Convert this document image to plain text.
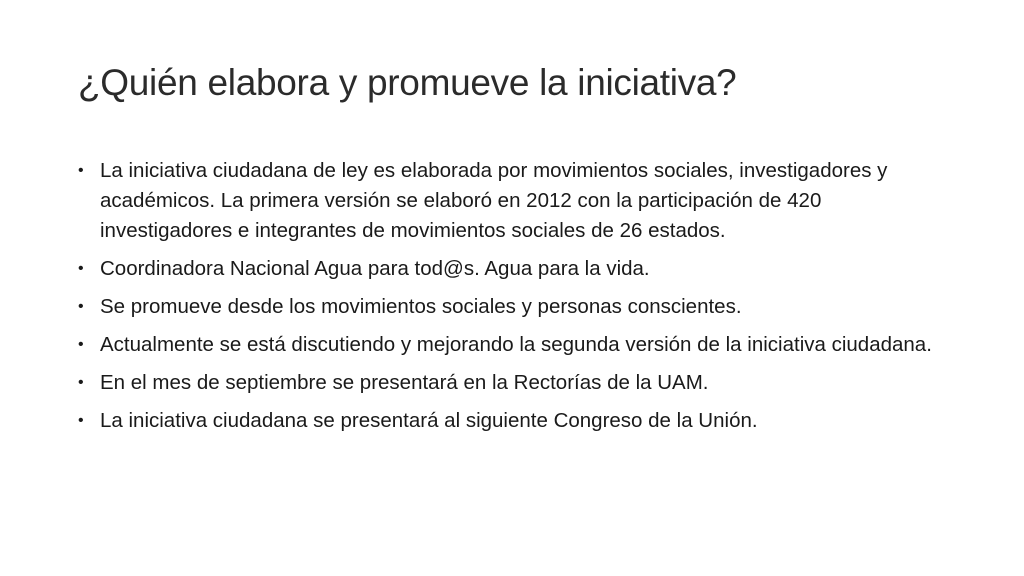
¿Quién elabora y promueve la iniciativa?
• La iniciativa ciudadana de ley es elaborada por movimientos sociales, investigadores y académicos. La primera versión se elaboró en 2012 con la participación de 420 investigadores e integrantes de movimientos sociales de 26 estados.
• Coordinadora Nacional Agua para tod@s. Agua para la vida.
• Se promueve desde los movimientos sociales y personas conscientes.
• Actualmente se está discutiendo y mejorando la segunda versión de la iniciativa ciudadana.
• En el mes de septiembre se presentará en la Rectorías de la UAM.
• La iniciativa ciudadana se presentará al siguiente Congreso de la Unión.
